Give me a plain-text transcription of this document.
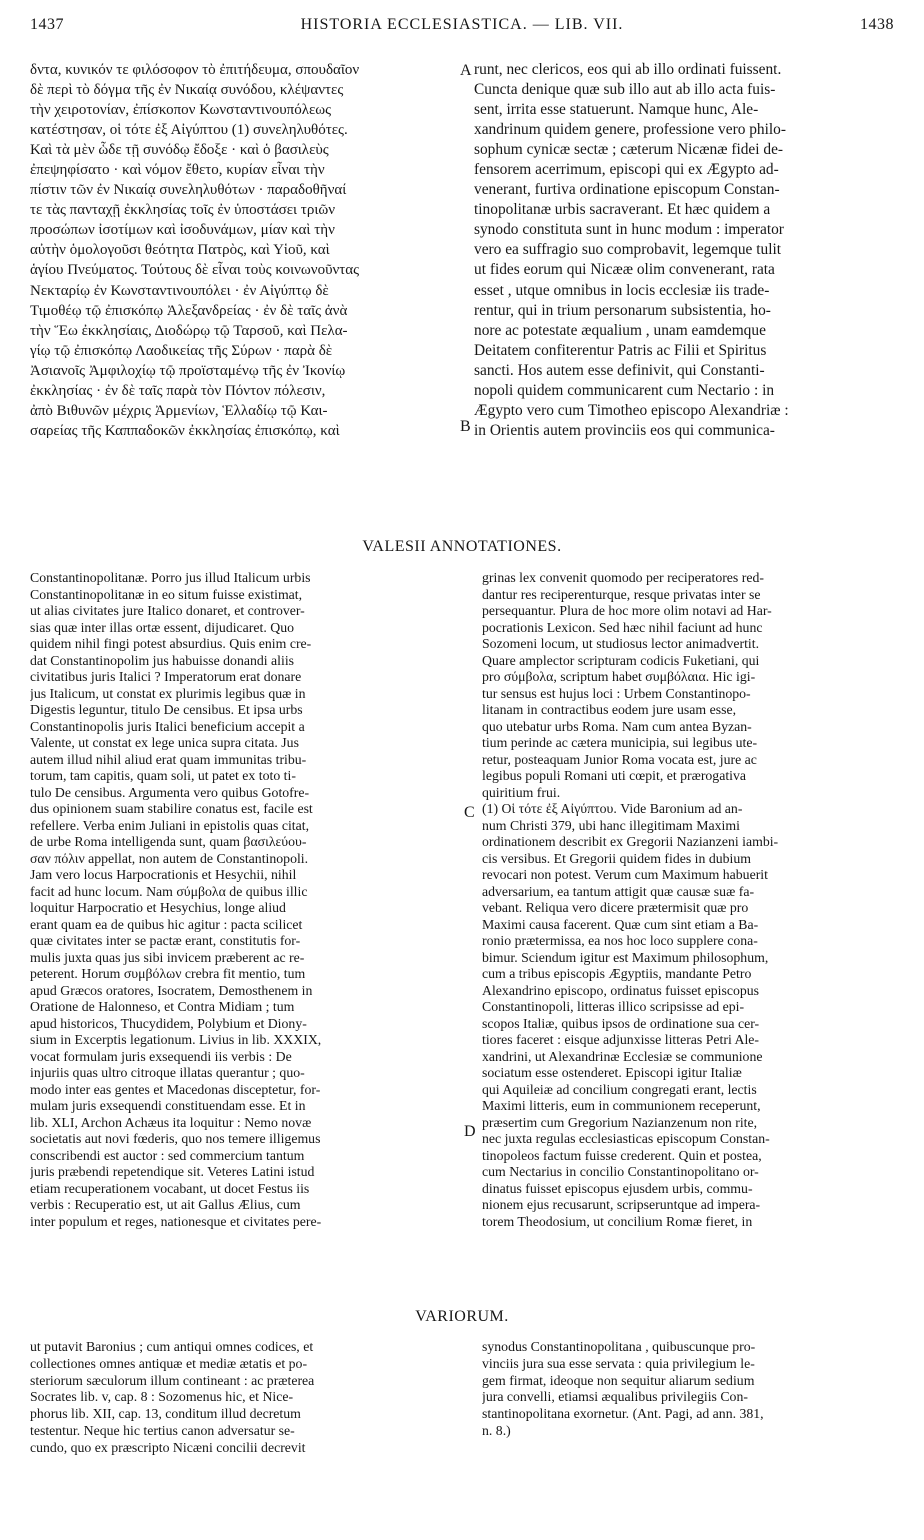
1437	HISTORIA ECCLESIASTICA. — LIB. VII.	1438

δντα, κυνικόν τε φιλόσοφον τὸ ἐπιτήδευμα, σπουδαῖον

δὲ περὶ τὸ δόγμα τῆς ἐν Νικαίᾳ συνόδου, κλέψαντες

τὴν χειροτονίαν, ἐπίσκοπον Κωνσταντινουπόλεως

κατέστησαν, οἱ τότε ἐξ Αἰγύπτου (1) συνεληλυθότες.

Καὶ τὰ μὲν ὧδε τῇ συνόδῳ ἔδοξε · καὶ ὁ βασιλεὺς

ἐπεψηφίσατο · καὶ νόμον ἔθετο, κυρίαν εἶναι τὴν

πίστιν τῶν ἐν Νικαίᾳ συνεληλυθότων · παραδοθῆναί

τε τὰς πανταχῇ ἐκκλησίας τοῖς ἐν ὑποστάσει τριῶν

προσώπων ἰσοτίμων καὶ ἰσοδυνάμων, μίαν καὶ τὴν

αὐτὴν ὁμολογοῦσι θεότητα Πατρὸς, καὶ Υἱοῦ, καὶ

ἁγίου Πνεύματος. Τούτους δὲ εἶναι τοὺς κοινωνοῦντας

Νεκταρίῳ ἐν Κωνσταντινουπόλει · ἐν Αἰγύπτῳ δὲ

Τιμοθέῳ τῷ ἐπισκόπῳ Ἀλεξανδρείας · ἐν δὲ ταῖς ἀνὰ

τὴν Ἕω ἐκκλησίαις, Διοδώρῳ τῷ Ταρσοῦ, καὶ Πελα-

γίῳ τῷ ἐπισκόπῳ Λαοδικείας τῆς Σύρων · παρὰ δὲ

Ἀσιανοῖς Ἀμφιλοχίῳ τῷ προϊσταμένῳ τῆς ἐν Ἰκονίῳ

ἐκκλησίας · ἐν δὲ ταῖς παρὰ τὸν Πόντον πόλεσιν,

ἀπὸ Βιθυνῶν μέχρις Ἀρμενίων, Ἑλλαδίῳ τῷ Και-

σαρείας τῆς Καππαδοκῶν ἐκκλησίας ἐπισκόπῳ, καὶ

runt, nec clericos, eos qui ab illo ordinati fuissent.

Cuncta denique quæ sub illo aut ab illo acta fuis-

sent, irrita esse statuerunt. Namque hunc, Ale-

xandrinum quidem genere, professione vero philo-

sophum cynicæ sectæ ; cæterum Nicænæ fidei de-

fensorem acerrimum, episcopi qui ex Ægypto ad-

venerant, furtiva ordinatione episcopum Constan-

tinopolitanæ urbis sacraverant. Et hæc quidem a

synodo constituta sunt in hunc modum : imperator

vero ea suffragio suo comprobavit, legemque tulit

ut fides eorum qui Nicææ olim convenerant, rata

esset , utque omnibus in locis ecclesiæ iis trade-

rentur, qui in trium personarum subsistentia, ho-

nore ac potestate æqualium , unam eamdemque

Deitatem confiterentur Patris ac Filii et Spiritus

sancti. Hos autem esse definivit, qui Constanti-

nopoli quidem communicarent cum Nectario : in

Ægypto vero cum Timotheo episcopo Alexandriæ :

in Orientis autem provinciis eos qui communica-

A
B
VALESII ANNOTATIONES.

Constantinopolitanæ. Porro jus illud Italicum urbis

Constantinopolitanæ in eo situm fuisse existimat,

ut alias civitates jure Italico donaret, et controver-

sias quæ inter illas ortæ essent, dijudicaret. Quo

quidem nihil fingi potest absurdius. Quis enim cre-

dat Constantinopolim jus habuisse donandi aliis

civitatibus juris Italici ? Imperatorum erat donare

jus Italicum, ut constat ex plurimis legibus quæ in

Digestis leguntur, titulo De censibus. Et ipsa urbs

Constantinopolis juris Italici beneficium accepit a

Valente, ut constat ex lege unica supra citata. Jus

autem illud nihil aliud erat quam immunitas tribu-

torum, tam capitis, quam soli, ut patet ex toto ti-

tulo De censibus. Argumenta vero quibus Gotofre-

dus opinionem suam stabilire conatus est, facile est

refellere. Verba enim Juliani in epistolis quas citat,

de urbe Roma intelligenda sunt, quam βασιλεύου-

σαν πόλιν appellat, non autem de Constantinopoli.

Jam vero locus Harpocrationis et Hesychii, nihil

facit ad hunc locum. Nam σύμβολα de quibus illic

loquitur Harpocratio et Hesychius, longe aliud

erant quam ea de quibus hic agitur : pacta scilicet

quæ civitates inter se pactæ erant, constitutis for-

mulis juxta quas jus sibi invicem præberent ac re-

peterent. Horum συμβόλων crebra fit mentio, tum

apud Græcos oratores, Isocratem, Demosthenem in

Oratione de Halonneso, et Contra Midiam ; tum

apud historicos, Thucydidem, Polybium et Diony-

sium in Excerptis legationum. Livius in lib. XXXIX,

vocat formulam juris exsequendi iis verbis : De

injuriis quas ultro citroque illatas querantur ; quo-

modo inter eas gentes et Macedonas disceptetur, for-

mulam juris exsequendi constituendam esse. Et in

lib. XLI, Archon Achæus ita loquitur : Nemo novæ

societatis aut novi fœderis, quo nos temere illigemus

conscribendi est auctor : sed commercium tantum

juris præbendi repetendique sit. Veteres Latini istud

etiam recuperationem vocabant, ut docet Festus iis

verbis : Recuperatio est, ut ait Gallus Ælius, cum

inter populum et reges, nationesque et civitates pere-

grinas lex convenit quomodo per reciperatores red-

dantur res reciperenturque, resque privatas inter se

persequantur. Plura de hoc more olim notavi ad Har-

pocrationis Lexicon. Sed hæc nihil faciunt ad hunc

Sozomeni locum, ut studiosus lector animadvertit.

Quare amplector scripturam codicis Fuketiani, qui

pro σύμβολα, scriptum habet συμβόλαια. Hic igi-

tur sensus est hujus loci : Urbem Constantinopo-

litanam in contractibus eodem jure usam esse,

quo utebatur urbs Roma. Nam cum antea Byzan-

tium perinde ac cætera municipia, sui legibus ute-

retur, posteaquam Junior Roma vocata est, jure ac

legibus populi Romani uti cœpit, et prærogativa

quiritium frui.

(1) Οἱ τότε ἐξ Αἰγύπτου. Vide Baronium ad an-

num Christi 379, ubi hanc illegitimam Maximi

ordinationem describit ex Gregorii Nazianzeni iambi-

cis versibus. Et Gregorii quidem fides in dubium

revocari non potest. Verum cum Maximum habuerit

adversarium, ea tantum attigit quæ causæ suæ fa-

vebant. Reliqua vero dicere prætermisit quæ pro

Maximi causa facerent. Quæ cum sint etiam a Ba-

ronio prætermissa, ea nos hoc loco supplere cona-

bimur. Sciendum igitur est Maximum philosophum,

cum a tribus episcopis Ægyptiis, mandante Petro

Alexandrino episcopo, ordinatus fuisset episcopus

Constantinopoli, litteras illico scripsisse ad epi-

scopos Italiæ, quibus ipsos de ordinatione sua cer-

tiores faceret : eisque adjunxisse litteras Petri Ale-

xandrini, ut Alexandrinæ Ecclesiæ se communione

sociatum esse ostenderet. Episcopi igitur Italiæ

qui Aquileiæ ad concilium congregati erant, lectis

Maximi litteris, eum in communionem receperunt,

præsertim cum Gregorium Nazianzenum non rite,

nec juxta regulas ecclesiasticas episcopum Constan-

tinopoleos factum fuisse crederent. Quin et postea,

cum Nectarius in concilio Constantinopolitano or-

dinatus fuisset episcopus ejusdem urbis, commu-

nionem ejus recusarunt, scripseruntque ad impera-

torem Theodosium, ut concilium Romæ fieret, in

C
D
VARIORUM.

ut putavit Baronius ; cum antiqui omnes codices, et

collectiones omnes antiquæ et mediæ ætatis et po-

steriorum sæculorum illum contineant : ac præterea

Socrates lib. v, cap. 8 : Sozomenus hic, et Nice-

phorus lib. XII, cap. 13, conditum illud decretum

testentur. Neque hic tertius canon adversatur se-

cundo, quo ex præscripto Nicæni concilii decrevit

synodus Constantinopolitana , quibuscunque pro-

vinciis jura sua esse servata : quia privilegium le-

gem firmat, ideoque non sequitur aliarum sedium

jura convelli, etiamsi æqualibus privilegiis Con-

stantinopolitana exornetur. (Ant. Pagi, ad ann. 381,

n. 8.)
